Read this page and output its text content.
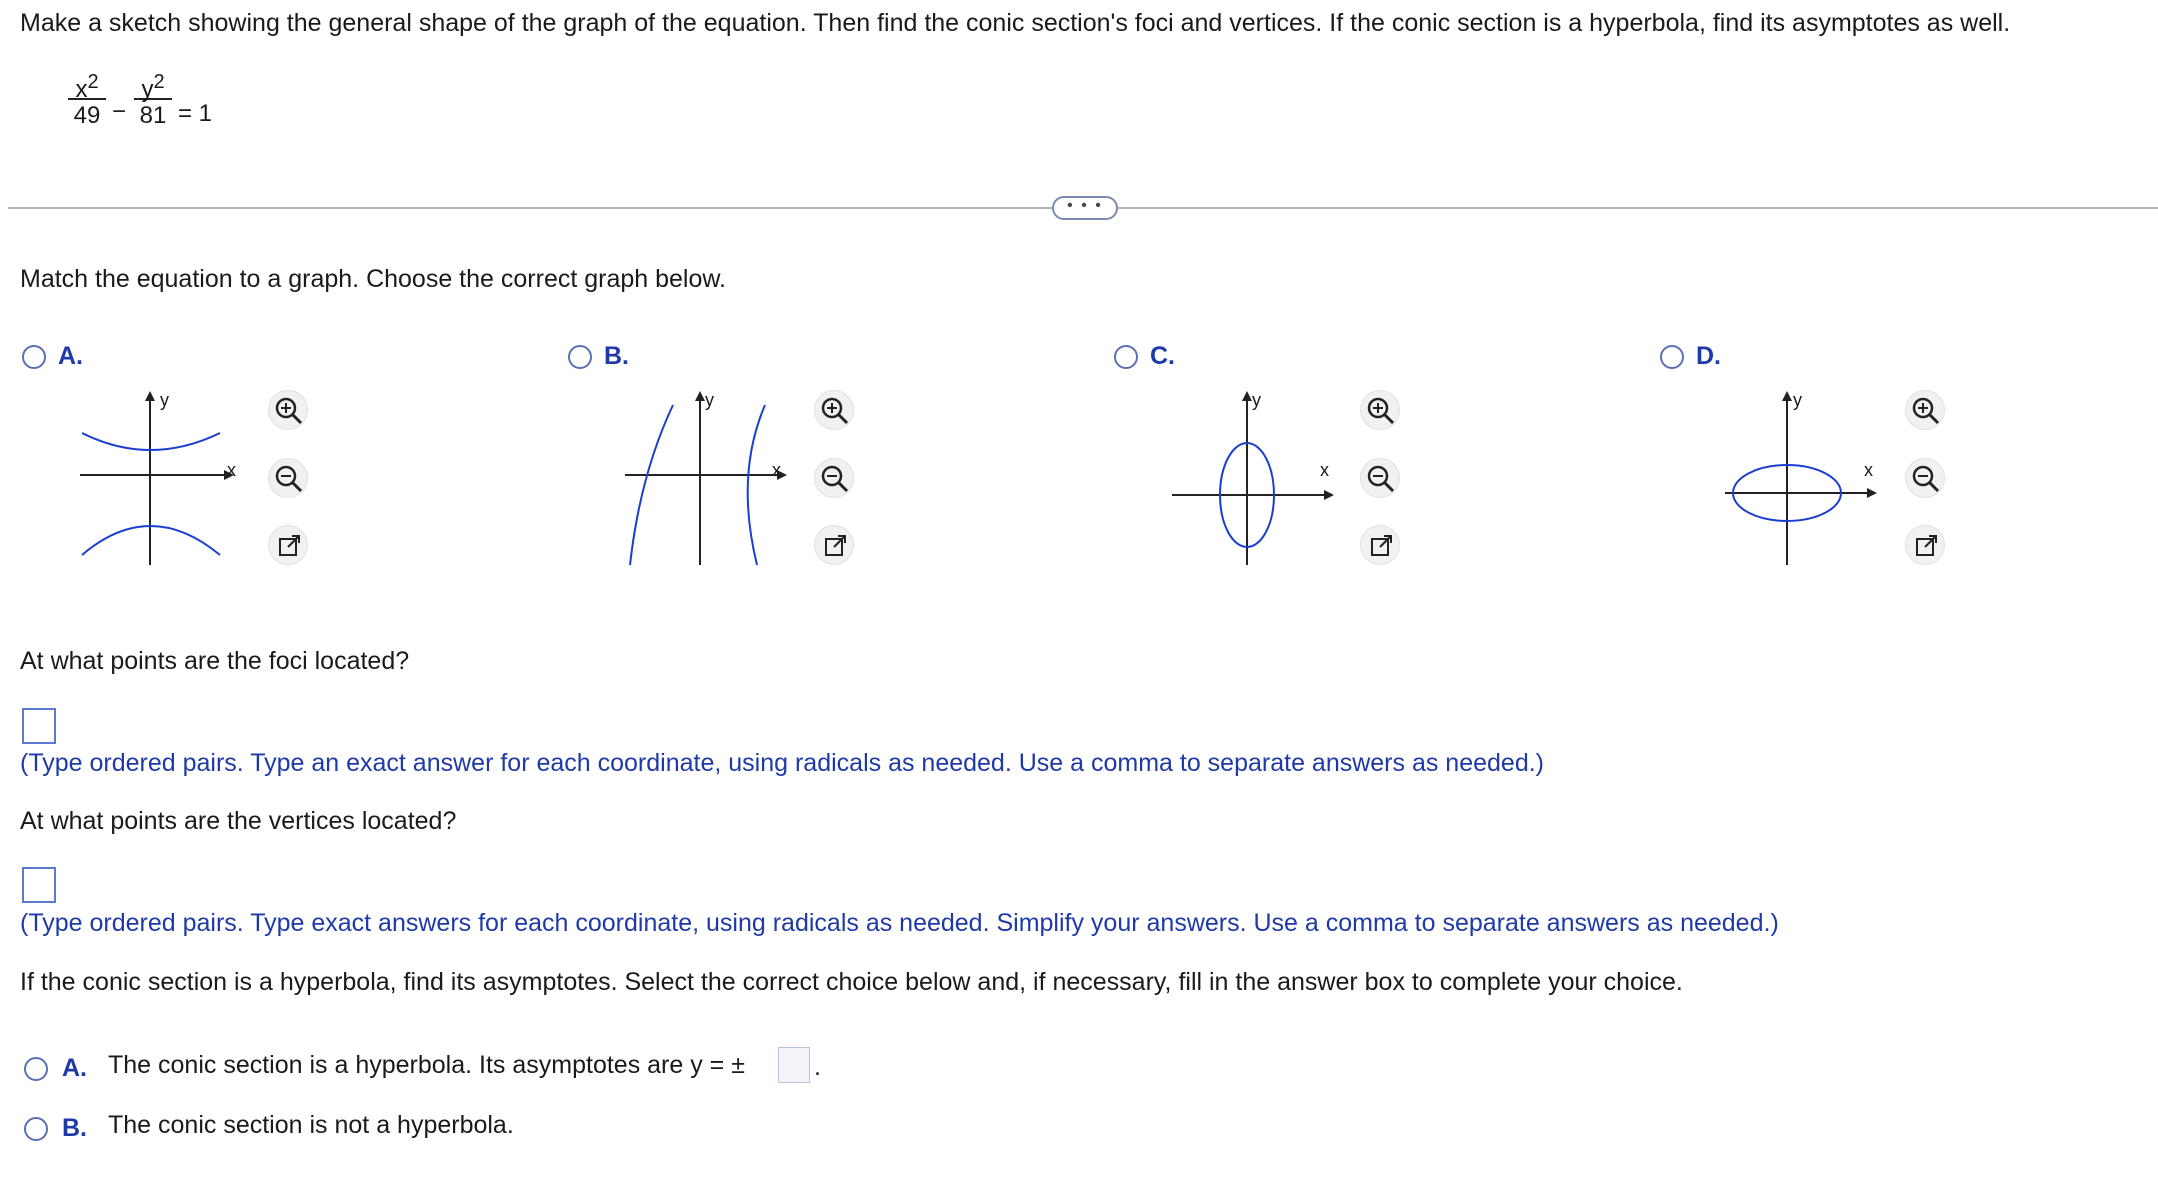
Make a sketch showing the general shape of the graph of the equation. Then find the conic section's foci and vertices. If the conic section is a hyperbola, find its asymptotes as well.
$x^2$
49 −
$y^2$
81 = 1
• • •
Match the equation to a graph. Choose the correct graph below.
A.
y
x
B.
y
x
C.
y
x
D.
y
x
At what points are the foci located?
(Type ordered pairs. Type an exact answer for each coordinate, using radicals as needed. Use a comma to separate answers as needed.)
At what points are the vertices located?
(Type ordered pairs. Type exact answers for each coordinate, using radicals as needed. Simplify your answers. Use a comma to separate answers as needed.)
If the conic section is a hyperbola, find its asymptotes. Select the correct choice below and, if necessary, fill in the answer box to complete your choice.
A. The conic section is a hyperbola. Its asymptotes are y = ±	.
B. The conic section is not a hyperbola.
